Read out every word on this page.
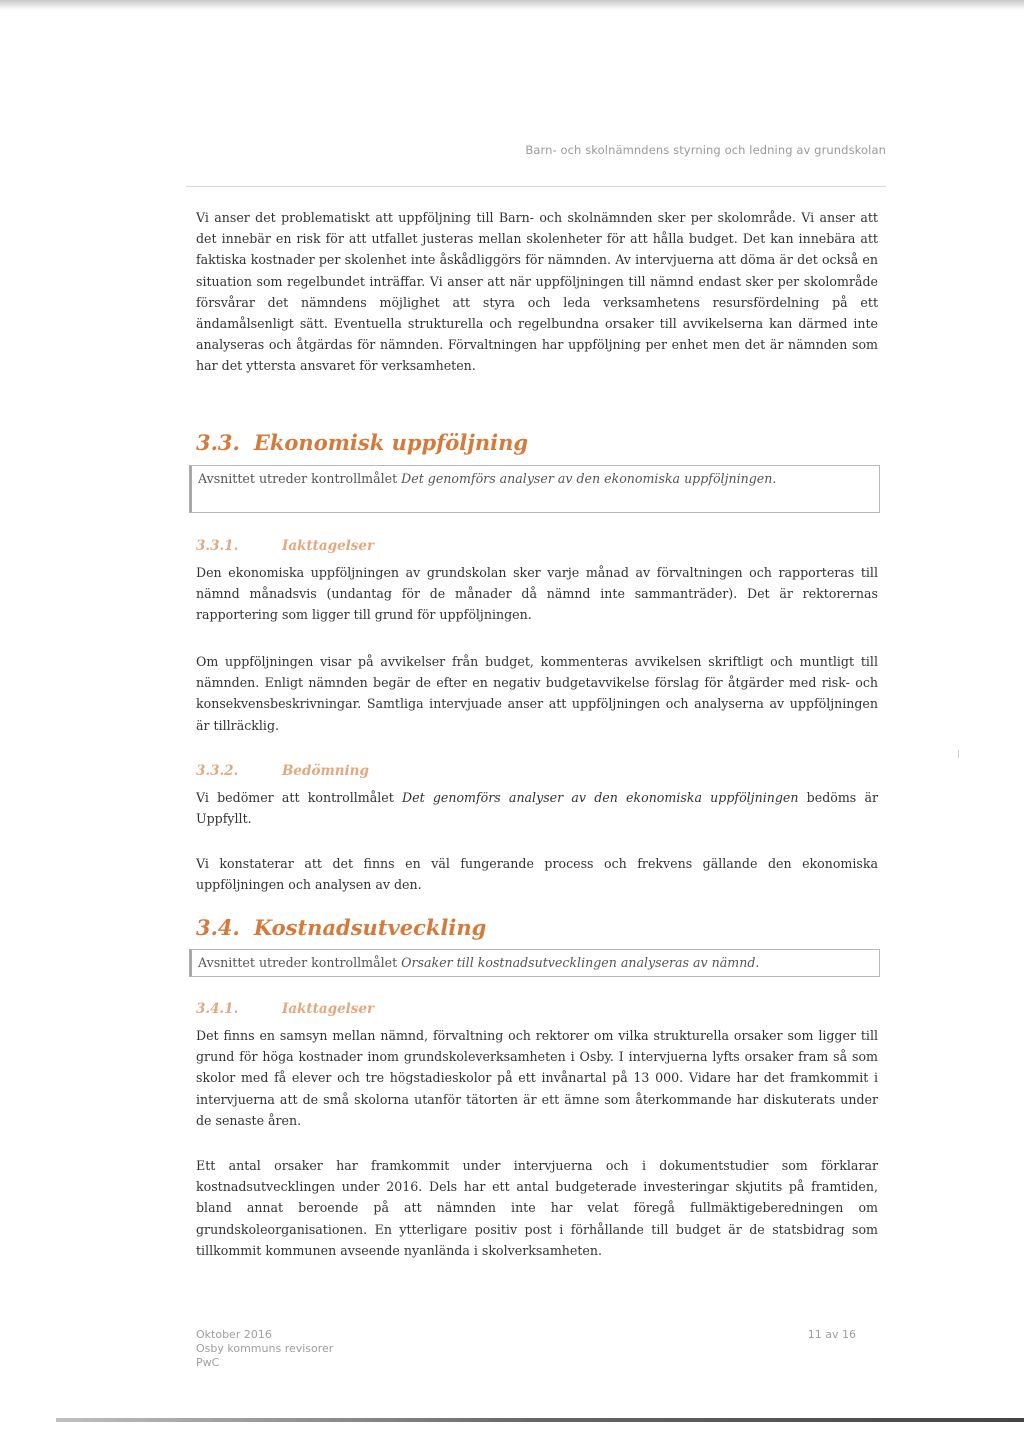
Barn- och skolnämndens styrning och ledning av grundskolan

Vi anser det problematiskt att uppföljning till Barn- och skolnämnden sker per skolområde. Vi anser att det innebär en risk för att utfallet justeras mellan skolenheter för att hålla budget. Det kan innebära att faktiska kostnader per skolenhet inte åskådliggörs för nämnden. Av intervjuerna att döma är det också en situation som regelbundet inträffar. Vi anser att när uppföljningen till nämnd endast sker per skolområde försvårar det nämndens möjlighet att styra och leda verksamhetens resursfördelning på ett ändamålsenligt sätt. Eventuella strukturella och regelbundna orsaker till avvikelserna kan därmed inte analyseras och åtgärdas för nämnden. Förvaltningen har uppföljning per enhet men det är nämnden som har det yttersta ansvaret för verksamheten.

3.3. Ekonomisk uppföljning
Avsnittet utreder kontrollmålet Det genomförs analyser av den ekonomiska uppföljningen.
3.3.1.	Iakttagelser

Den ekonomiska uppföljningen av grundskolan sker varje månad av förvaltningen och rapporteras till nämnd månadsvis (undantag för de månader då nämnd inte sammanträder). Det är rektorernas rapportering som ligger till grund för uppföljningen.

Om uppföljningen visar på avvikelser från budget, kommenteras avvikelsen skriftligt och muntligt till nämnden. Enligt nämnden begär de efter en negativ budgetavvikelse förslag för åtgärder med risk- och konsekvensbeskrivningar. Samtliga intervjuade anser att uppföljningen och analyserna av uppföljningen är tillräcklig.

3.3.2.	Bedömning

Vi bedömer att kontrollmålet Det genomförs analyser av den ekonomiska uppföljningen bedöms är Uppfyllt.

Vi konstaterar att det finns en väl fungerande process och frekvens gällande den ekonomiska uppföljningen och analysen av den.

3.4. Kostnadsutveckling
Avsnittet utreder kontrollmålet Orsaker till kostnadsutvecklingen analyseras av nämnd.
3.4.1.	Iakttagelser

Det finns en samsyn mellan nämnd, förvaltning och rektorer om vilka strukturella orsaker som ligger till grund för höga kostnader inom grundskoleverksamheten i Osby. I intervjuerna lyfts orsaker fram så som skolor med få elever och tre högstadieskolor på ett invånartal på 13 000. Vidare har det framkommit i intervjuerna att de små skolorna utanför tätorten är ett ämne som återkommande har diskuterats under de senaste åren.

Ett antal orsaker har framkommit under intervjuerna och i dokumentstudier som förklarar kostnadsutvecklingen under 2016. Dels har ett antal budgeterade investeringar skjutits på framtiden, bland annat beroende på att nämnden inte har velat föregå fullmäktigeberedningen om grundskoleorganisationen. En ytterligare positiv post i förhållande till budget är de statsbidrag som tillkommit kommunen avseende nyanlända i skolverksamheten.

Oktober 2016
Osby kommuns revisorer
PwC
11 av 16
